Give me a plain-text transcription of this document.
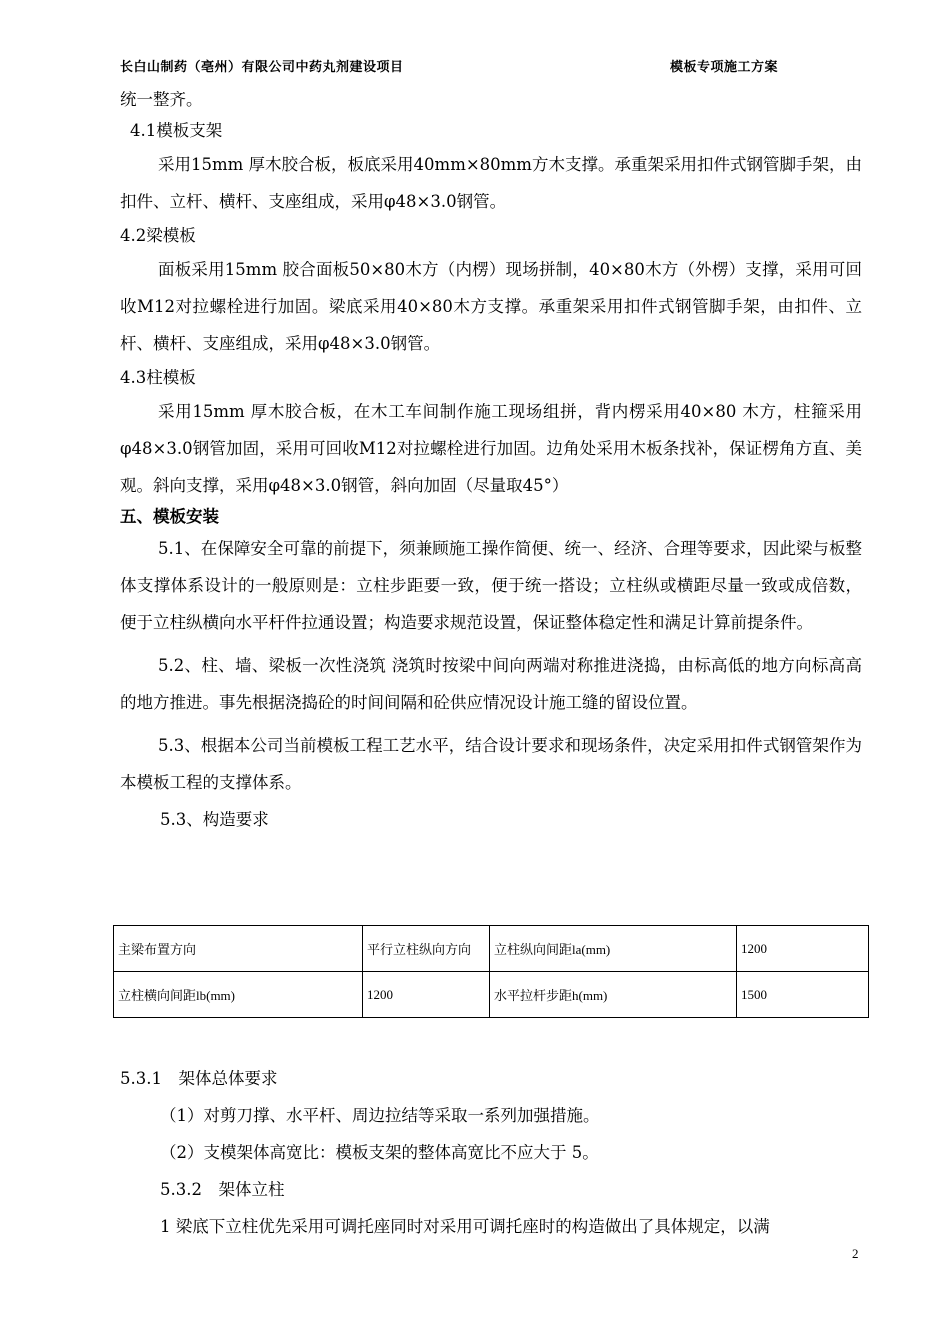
长白山制药（亳州）有限公司中药丸剂建设项目	模板专项施工方案

统一整齐。

4.1模板支架

采用15mm 厚木胶合板，板底采用40mm×80mm方木支撑。承重架采用扣件式钢管脚手架，由扣件、立杆、横杆、支座组成，采用φ48×3.0钢管。

4.2梁模板

面板采用15mm 胶合面板50×80木方（内楞）现场拼制，40×80木方（外楞）支撑，采用可回收M12对拉螺栓进行加固。梁底采用40×80木方支撑。承重架采用扣件式钢管脚手架，由扣件、立杆、横杆、支座组成，采用φ48×3.0钢管。

4.3柱模板

采用15mm 厚木胶合板，在木工车间制作施工现场组拼，背内楞采用40×80 木方，柱箍采用φ48×3.0钢管加固，采用可回收M12对拉螺栓进行加固。边角处采用木板条找补，保证楞角方直、美观。斜向支撑，采用φ48×3.0钢管，斜向加固（尽量取45°）

五、模板安装

5.1、在保障安全可靠的前提下，须兼顾施工操作简便、统一、经济、合理等要求，因此梁与板整体支撑体系设计的一般原则是：立柱步距要一致，便于统一搭设；立柱纵或横距尽量一致或成倍数，便于立柱纵横向水平杆件拉通设置；构造要求规范设置，保证整体稳定性和满足计算前提条件。

5.2、柱、墙、梁板一次性浇筑 浇筑时按梁中间向两端对称推进浇捣，由标高低的地方向标高高的地方推进。事先根据浇捣砼的时间间隔和砼供应情况设计施工缝的留设位置。

5.3、根据本公司当前模板工程工艺水平，结合设计要求和现场条件，决定采用扣件式钢管架作为本模板工程的支撑体系。

5.3、构造要求

主梁布置方向	平行立柱纵向方向	立柱纵向间距la(mm)	1200
立柱横向间距lb(mm)	1200	水平拉杆步距h(mm)	1500

5.3.1　架体总体要求

（1）对剪刀撑、水平杆、周边拉结等采取一系列加强措施。

（2）支模架体高宽比：模板支架的整体高宽比不应大于 5。

5.3.2　架体立柱

1 梁底下立柱优先采用可调托座同时对采用可调托座时的构造做出了具体规定，以满

2
